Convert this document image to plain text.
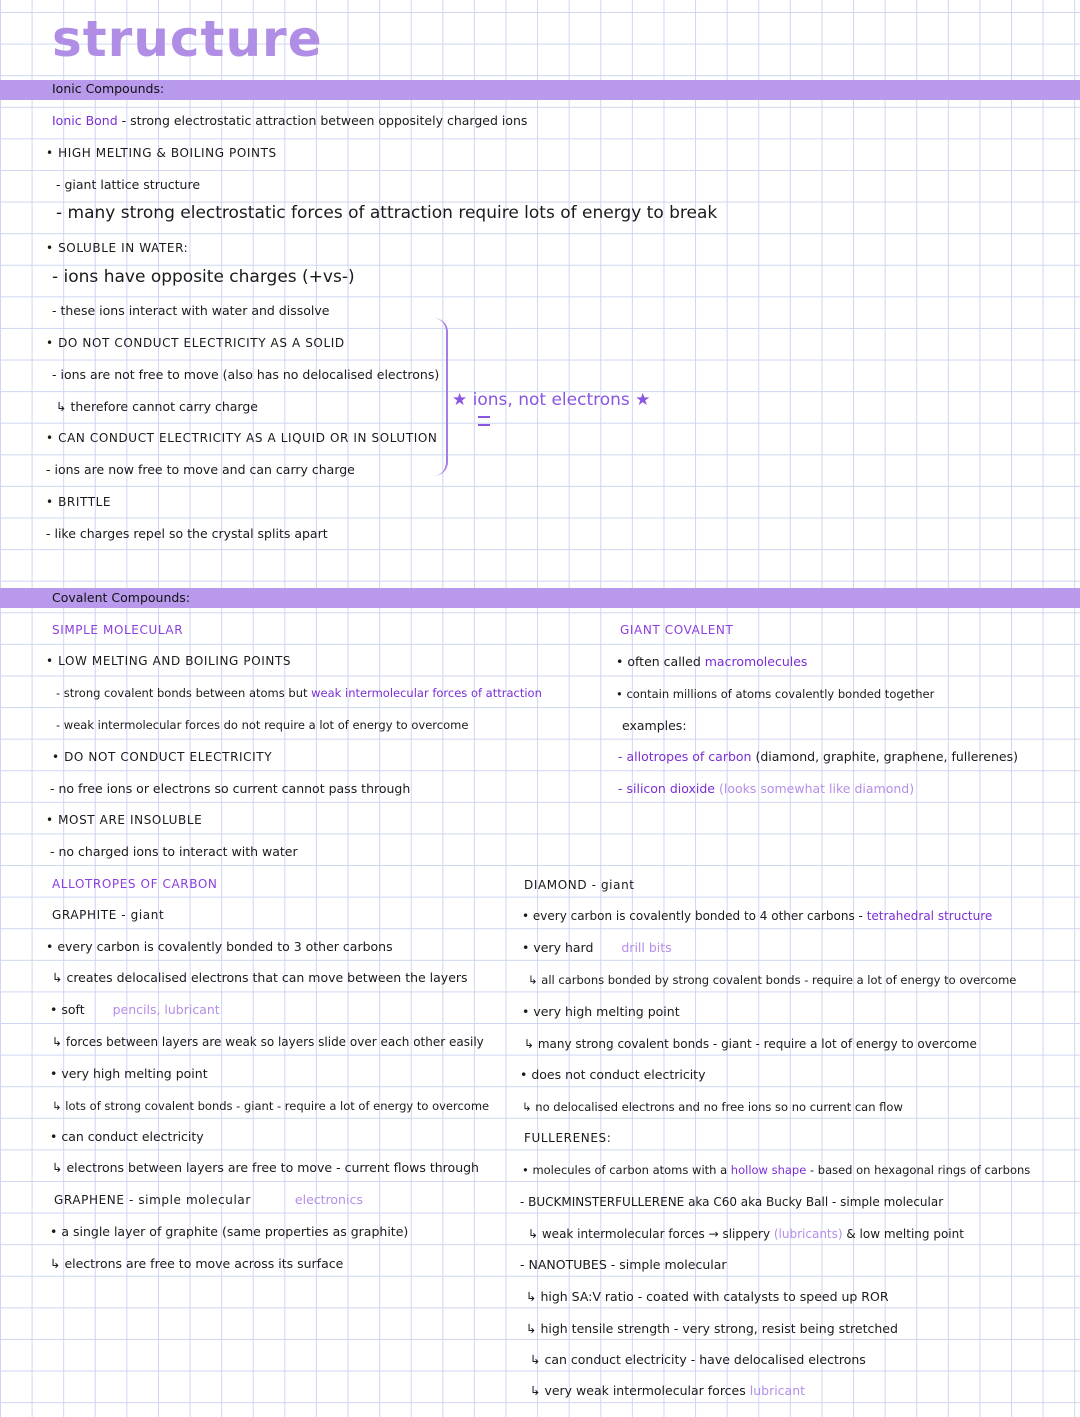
structure
Ionic Compounds:
Ionic Bond - strong electrostatic attraction between oppositely charged ions
• HIGH MELTING & BOILING POINTS
- giant lattice structure
- many strong electrostatic forces of attraction require lots of energy to break
• SOLUBLE IN WATER:
- ions have opposite charges (+vs-)
- these ions interact with water and dissolve
• DO NOT CONDUCT ELECTRICITY AS A SOLID
- ions are not free to move (also has no delocalised electrons)
↳ therefore cannot carry charge
• CAN CONDUCT ELECTRICITY AS A LIQUID OR IN SOLUTION
- ions are now free to move and can carry charge
• BRITTLE
- like charges repel so the crystal splits apart
★ ions, not electrons ★
Covalent Compounds:
SIMPLE MOLECULAR
• LOW MELTING AND BOILING POINTS
- strong covalent bonds between atoms but weak intermolecular forces of attraction
- weak intermolecular forces do not require a lot of energy to overcome
• DO NOT CONDUCT ELECTRICITY
- no free ions or electrons so current cannot pass through
• MOST ARE INSOLUBLE
- no charged ions to interact with water
GIANT COVALENT
• often called macromolecules
• contain millions of atoms covalently bonded together
examples:
- allotropes of carbon (diamond, graphite, graphene, fullerenes)
- silicon dioxide (looks somewhat like diamond)
ALLOTROPES OF CARBON
GRAPHITE - giant
• every carbon is covalently bonded to 3 other carbons
↳ creates delocalised electrons that can move between the layers
• soft pencils, lubricant
↳ forces between layers are weak so layers slide over each other easily
• very high melting point
↳ lots of strong covalent bonds - giant - require a lot of energy to overcome
• can conduct electricity
↳ electrons between layers are free to move - current flows through
GRAPHENE - simple molecular	electronics
• a single layer of graphite (same properties as graphite)
↳ electrons are free to move across its surface
DIAMOND - giant
• every carbon is covalently bonded to 4 other carbons - tetrahedral structure
• very hard drill bits
↳ all carbons bonded by strong covalent bonds - require a lot of energy to overcome
• very high melting point
↳ many strong covalent bonds - giant - require a lot of energy to overcome
• does not conduct electricity
↳ no delocalised electrons and no free ions so no current can flow
FULLERENES:
• molecules of carbon atoms with a hollow shape - based on hexagonal rings of carbons
- BUCKMINSTERFULLERENE aka C60 aka Bucky Ball - simple molecular
↳ weak intermolecular forces → slippery (lubricants) & low melting point
- NANOTUBES - simple molecular
↳ high SA:V ratio - coated with catalysts to speed up ROR
↳ high tensile strength - very strong, resist being stretched
↳ can conduct electricity - have delocalised electrons
↳ very weak intermolecular forces lubricant
